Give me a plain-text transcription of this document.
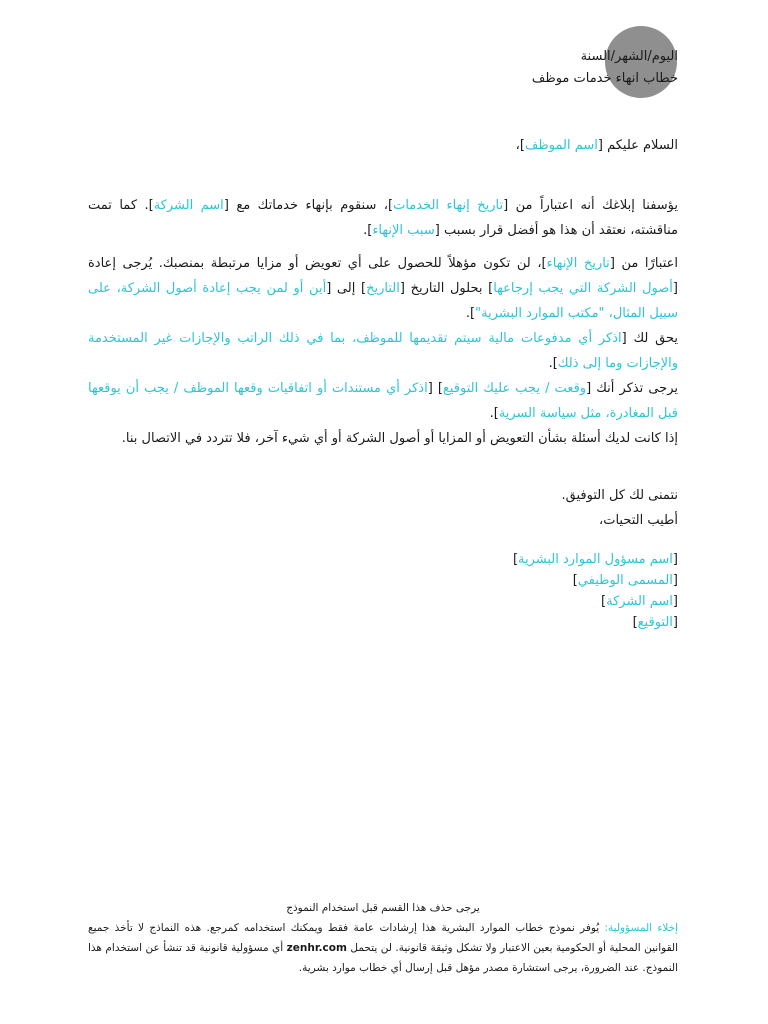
اليوم/الشهر/السنة
خطاب انهاء خدمات موظف

السلام عليكم [اسم الموظف]،

يؤسفنا إبلاغك أنه اعتباراً من [تاريخ إنهاء الخدمات]، سنقوم بإنهاء خدماتك مع [اسم الشركة]. كما تمت مناقشته، نعتقد أن هذا هو أفضل قرار بسبب [سبب الإنهاء].

اعتبارًا من [تاريخ الإنهاء]، لن تكون مؤهلاً للحصول على أي تعويض أو مزايا مرتبطة بمنصبك. يُرجى إعادة [أصول الشركة التي يجب إرجاعها] بحلول التاريخ [التاريخ] إلى [أين أو لمن يجب إعادة أصول الشركة، على سبيل المثال، "مكتب الموارد البشرية"].

يحق لك [اذكر أي مدفوعات مالية سيتم تقديمها للموظف، بما في ذلك الراتب والإجازات غير المستخدمة والإجازات وما إلى ذلك].

يرجى تذكر أنك [وقعت / يجب عليك التوقيع] [اذكر أي مستندات أو اتفاقيات وقعها الموظف / يجب أن يوقعها قبل المغادرة، مثل سياسة السرية].

إذا كانت لديك أسئلة بشأن التعويض أو المزايا أو أصول الشركة أو أي شيء آخر، فلا تتردد في الاتصال بنا.

نتمنى لك كل التوفيق.

أطيب التحيات،

[اسم مسؤول الموارد البشرية]
[المسمى الوظيفي]
[اسم الشركة]
[التوقيع]
يرجى حذف هذا القسم قبل استخدام النموذج
إخلاء المسؤولية: يُوفر نموذج خطاب الموارد البشرية هذا إرشادات عامة فقط ويمكنك استخدامه كمرجع. هذه النماذج لا تأخذ جميع القوانين المحلية أو الحكومية بعين الاعتبار ولا تشكل وثيقة قانونية. لن يتحمل zenhr.com أي مسؤولية قانونية قد تنشأ عن استخدام هذا النموذج. عند الضرورة، يرجى استشارة مصدر مؤهل قبل إرسال أي خطاب موارد بشرية.
